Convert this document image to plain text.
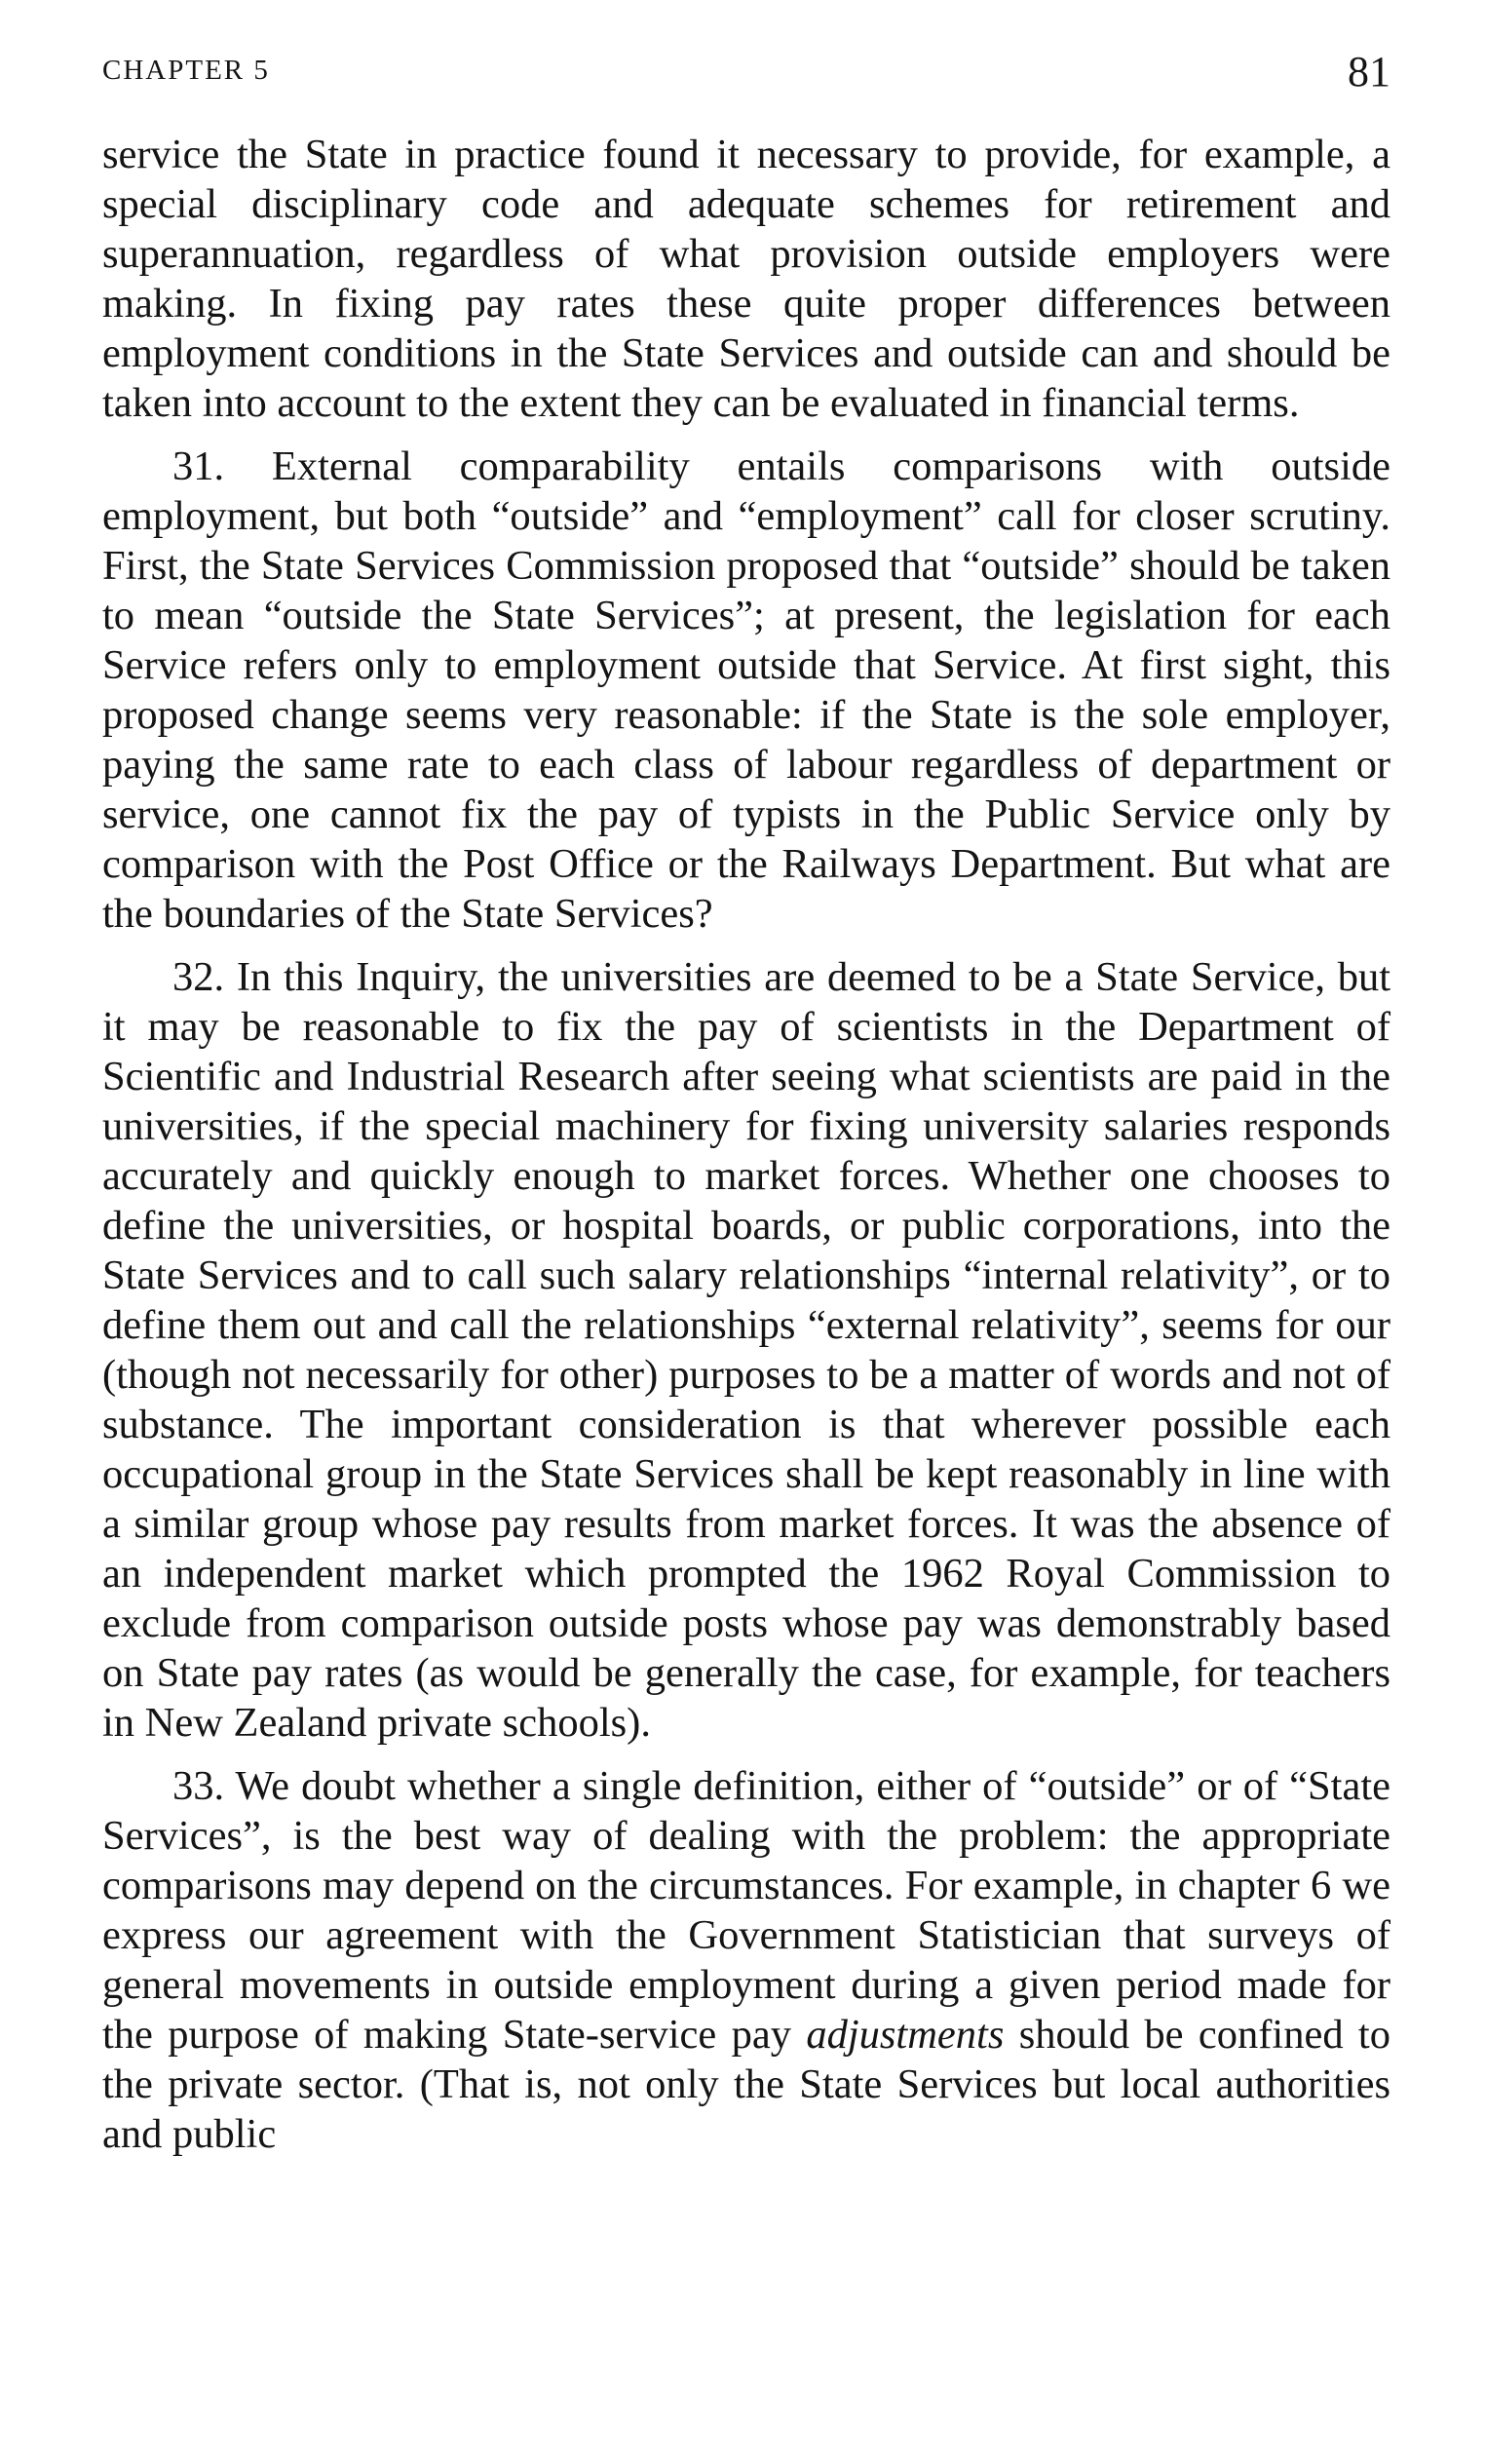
CHAPTER 5	81

service the State in practice found it necessary to provide, for example, a special disciplinary code and adequate schemes for retirement and superannuation, regardless of what provision outside employers were making. In fixing pay rates these quite proper differences between employment conditions in the State Services and outside can and should be taken into account to the extent they can be evaluated in financial terms.

31. External comparability entails comparisons with outside employment, but both “outside” and “employment” call for closer scrutiny. First, the State Services Commission proposed that “outside” should be taken to mean “outside the State Services”; at present, the legislation for each Service refers only to employment outside that Service. At first sight, this proposed change seems very reasonable: if the State is the sole employer, paying the same rate to each class of labour regardless of department or service, one cannot fix the pay of typists in the Public Service only by comparison with the Post Office or the Railways Department. But what are the boundaries of the State Services?

32. In this Inquiry, the universities are deemed to be a State Service, but it may be reasonable to fix the pay of scientists in the Department of Scientific and Industrial Research after seeing what scientists are paid in the universities, if the special machinery for fixing university salaries responds accurately and quickly enough to market forces. Whether one chooses to define the universities, or hospital boards, or public corporations, into the State Services and to call such salary relationships “internal relativity”, or to define them out and call the relationships “external relativity”, seems for our (though not necessarily for other) purposes to be a matter of words and not of substance. The important consideration is that wherever possible each occupational group in the State Services shall be kept reasonably in line with a similar group whose pay results from market forces. It was the absence of an independent market which prompted the 1962 Royal Commission to exclude from comparison outside posts whose pay was demonstrably based on State pay rates (as would be generally the case, for example, for teachers in New Zealand private schools).

33. We doubt whether a single definition, either of “outside” or of “State Services”, is the best way of dealing with the problem: the appropriate comparisons may depend on the circumstances. For example, in chapter 6 we express our agreement with the Government Statistician that surveys of general movements in outside employment during a given period made for the purpose of making State-service pay adjustments should be confined to the private sector. (That is, not only the State Services but local authorities and public
